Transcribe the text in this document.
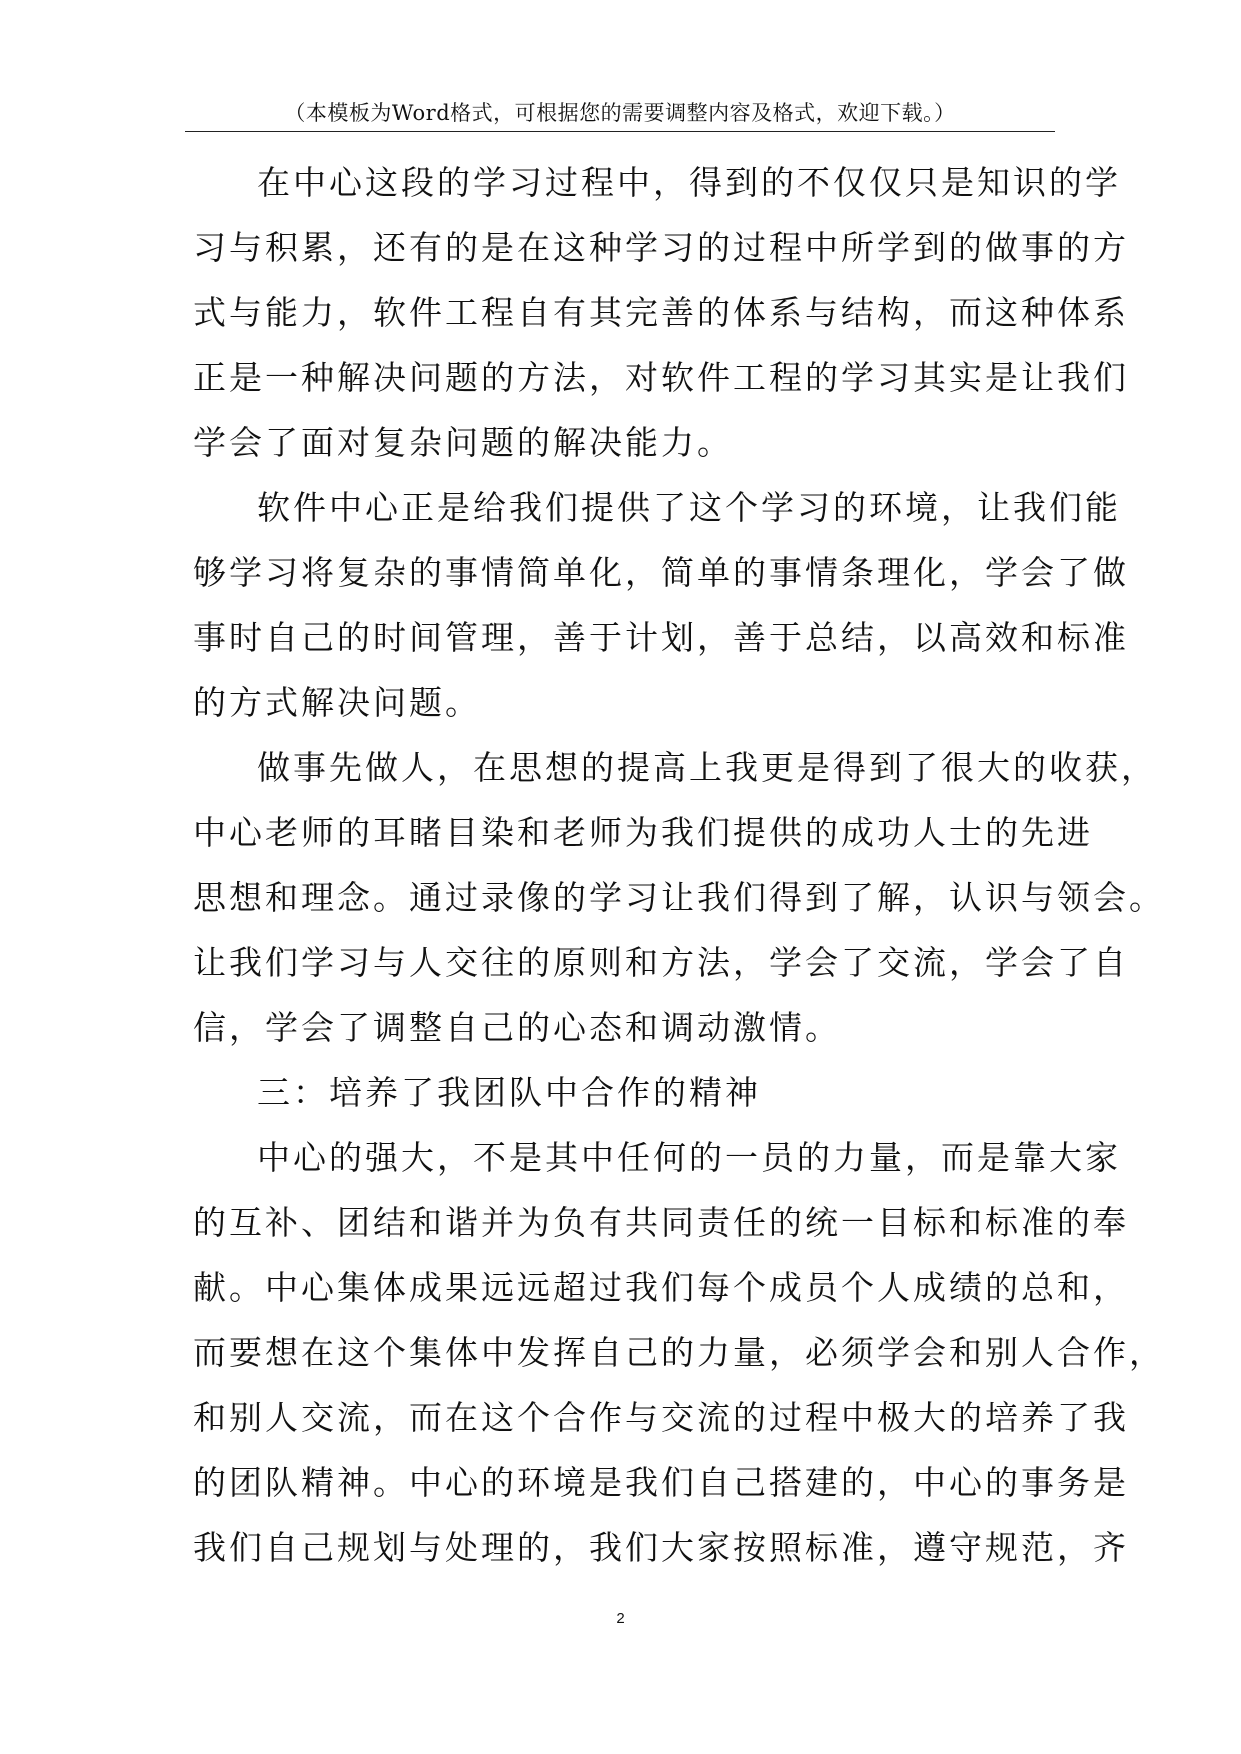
（本模板为Word格式，可根据您的需要调整内容及格式，欢迎下载。）
在中心这段的学习过程中，得到的不仅仅只是知识的学
习与积累，还有的是在这种学习的过程中所学到的做事的方
式与能力，软件工程自有其完善的体系与结构，而这种体系
正是一种解决问题的方法，对软件工程的学习其实是让我们
学会了面对复杂问题的解决能力。
软件中心正是给我们提供了这个学习的环境，让我们能
够学习将复杂的事情简单化，简单的事情条理化，学会了做
事时自己的时间管理，善于计划，善于总结，以高效和标准
的方式解决问题。
做事先做人，在思想的提高上我更是得到了很大的收获，
中心老师的耳睹目染和老师为我们提供的成功人士的先进
思想和理念。通过录像的学习让我们得到了解，认识与领会。
让我们学习与人交往的原则和方法，学会了交流，学会了自
信，学会了调整自己的心态和调动激情。
三：培养了我团队中合作的精神
中心的强大，不是其中任何的一员的力量，而是靠大家
的互补、团结和谐并为负有共同责任的统一目标和标准的奉
献。中心集体成果远远超过我们每个成员个人成绩的总和，
而要想在这个集体中发挥自己的力量，必须学会和别人合作，
和别人交流，而在这个合作与交流的过程中极大的培养了我
的团队精神。中心的环境是我们自己搭建的，中心的事务是
我们自己规划与处理的，我们大家按照标准，遵守规范，齐
2
